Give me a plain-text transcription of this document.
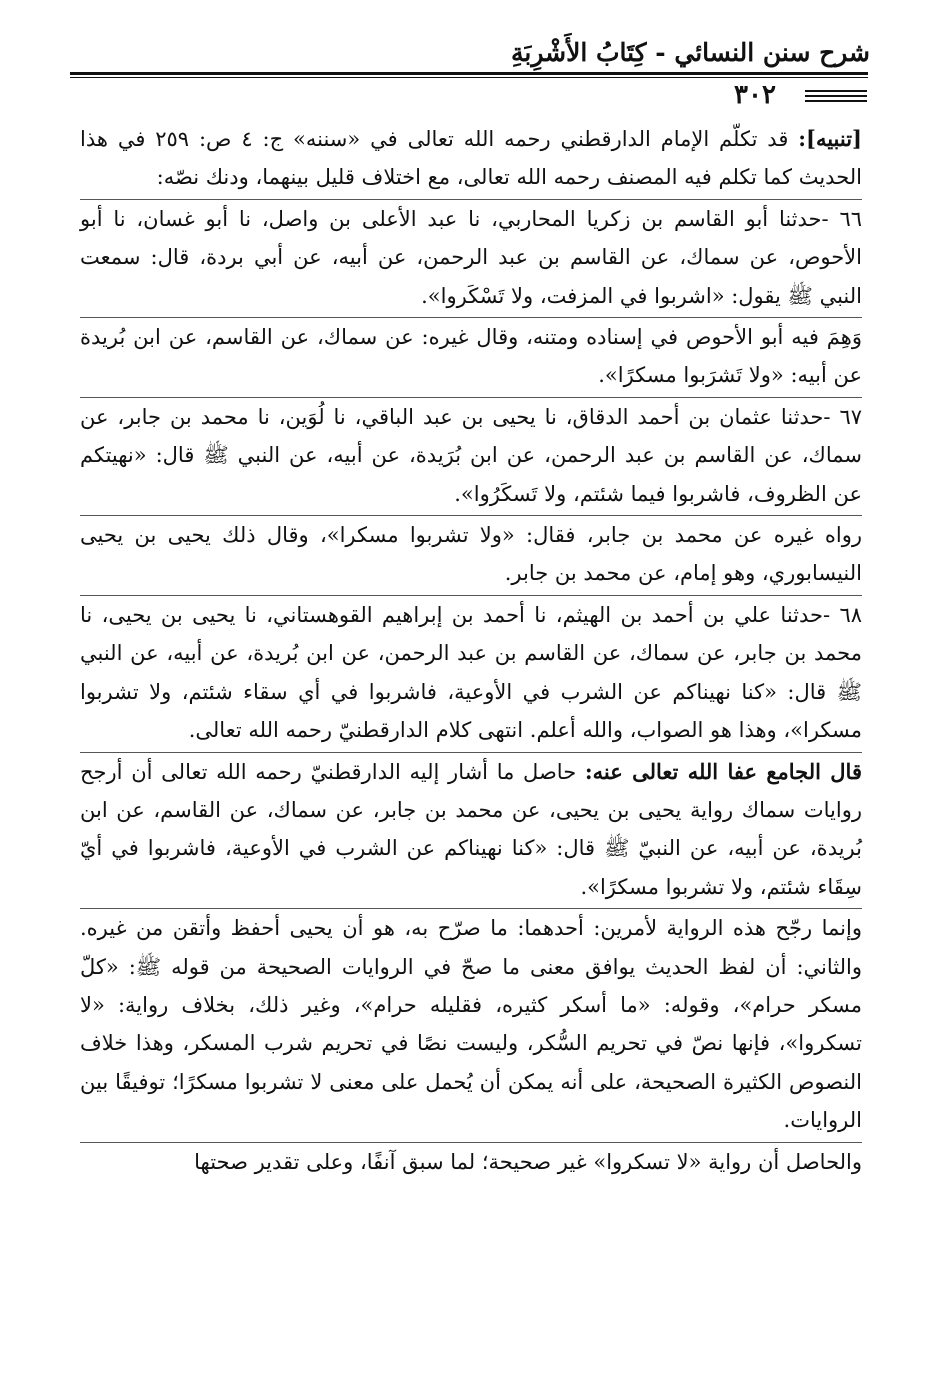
شرح سنن النسائي - كِتَابُ الأَشْرِبَةِ
٣٠٢

[تنبيه]: قد تكلّم الإمام الدارقطني رحمه الله تعالى في «سننه» ج: ٤ ص: ٢٥٩ في هذا الحديث كما تكلم فيه المصنف رحمه الله تعالى، مع اختلاف قليل بينهما، ودنك نصّه:

٦٦ -حدثنا أبو القاسم بن زكريا المحاربي، نا عبد الأعلى بن واصل، نا أبو غسان، نا أبو الأحوص، عن سماك، عن القاسم بن عبد الرحمن، عن أبيه، عن أبي بردة، قال: سمعت النبي ﷺ يقول: «اشربوا في المزفت، ولا تَسْكَروا».

وَهِمَ فيه أبو الأحوص في إسناده ومتنه، وقال غيره: عن سماك، عن القاسم، عن ابن بُريدة عن أبيه: «ولا تَشرَبوا مسكرًا».

٦٧ -حدثنا عثمان بن أحمد الدقاق، نا يحيى بن عبد الباقي، نا لُوَين، نا محمد بن جابر، عن سماك، عن القاسم بن عبد الرحمن، عن ابن بُرَيدة، عن أبيه، عن النبي ﷺ قال: «نهيتكم عن الظروف، فاشربوا فيما شئتم، ولا تَسكَرُوا».

رواه غيره عن محمد بن جابر، فقال: «ولا تشربوا مسكرا»، وقال ذلك يحيى بن يحيى النيسابوري، وهو إمام، عن محمد بن جابر.

٦٨ -حدثنا علي بن أحمد بن الهيثم، نا أحمد بن إبراهيم القوهستاني، نا يحيى بن يحيى، نا محمد بن جابر، عن سماك، عن القاسم بن عبد الرحمن، عن ابن بُريدة، عن أبيه، عن النبي ﷺ قال: «كنا نهيناكم عن الشرب في الأوعية، فاشربوا في أي سقاء شئتم، ولا تشربوا مسكرا»، وهذا هو الصواب، والله أعلم. انتهى كلام الدارقطنيّ رحمه الله تعالى.

قال الجامع عفا الله تعالى عنه: حاصل ما أشار إليه الدارقطنيّ رحمه الله تعالى أن أرجح روايات سماك رواية يحيى بن يحيى، عن محمد بن جابر، عن سماك، عن القاسم، عن ابن بُريدة، عن أبيه، عن النبيّ ﷺ قال: «كنا نهيناكم عن الشرب في الأوعية، فاشربوا في أيّ سِقَاء شئتم، ولا تشربوا مسكرًا».

وإنما رجّح هذه الرواية لأمرين: أحدهما: ما صرّح به، هو أن يحيى أحفظ وأتقن من غيره. والثاني: أن لفظ الحديث يوافق معنى ما صحّ في الروايات الصحيحة من قوله ﷺ: «كلّ مسكر حرام»، وقوله: «ما أسكر كثيره، فقليله حرام»، وغير ذلك، بخلاف رواية: «لا تسكروا»، فإنها نصّ في تحريم السُّكر، وليست نصًا في تحريم شرب المسكر، وهذا خلاف النصوص الكثيرة الصحيحة، على أنه يمكن أن يُحمل على معنى لا تشربوا مسكرًا؛ توفيقًا بين الروايات.

والحاصل أن رواية «لا تسكروا» غير صحيحة؛ لما سبق آنفًا، وعلى تقدير صحتها
